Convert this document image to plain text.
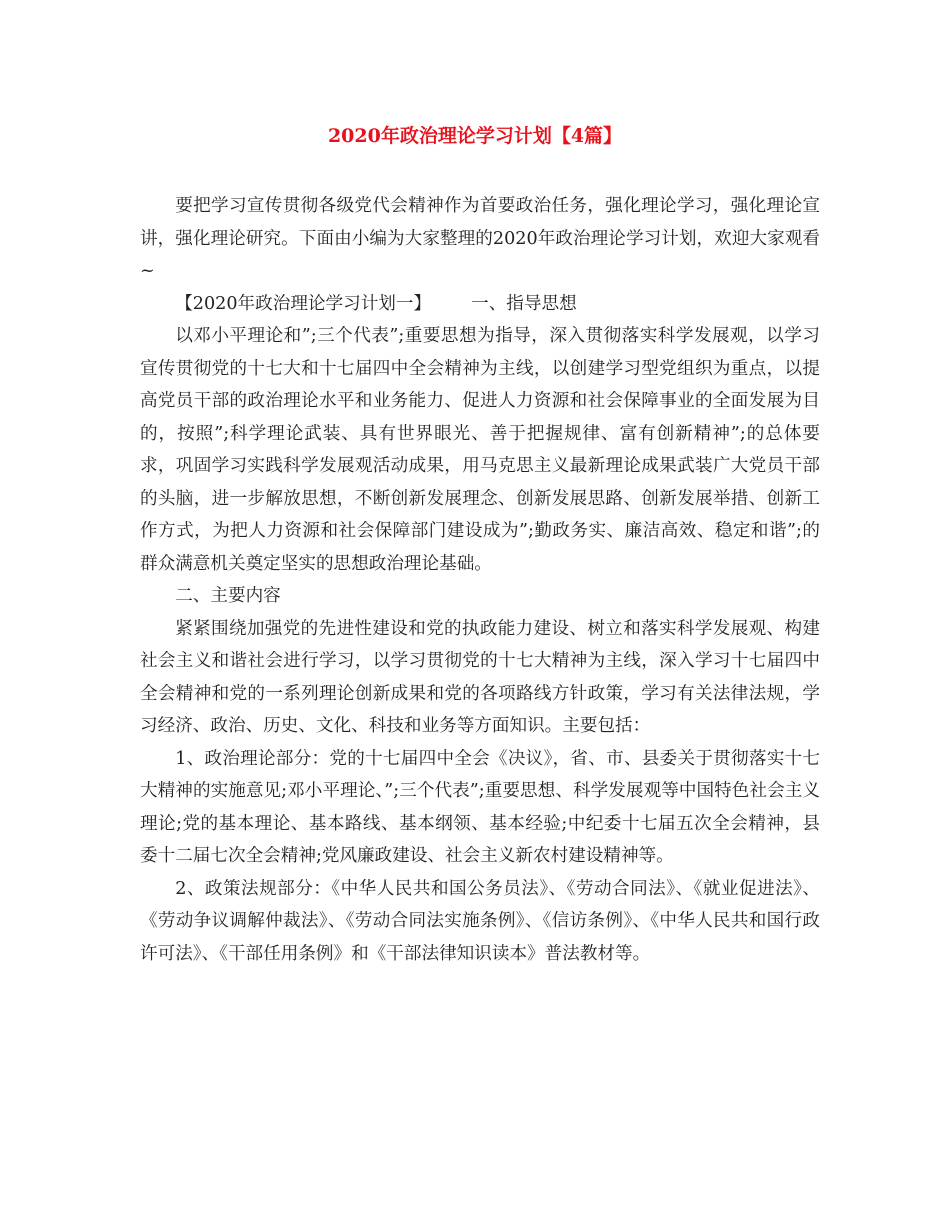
2020年政治理论学习计划【4篇】

要把学习宣传贯彻各级党代会精神作为首要政治任务，强化理论学习，强化理论宣讲，强化理论研究。下面由小编为大家整理的2020年政治理论学习计划，欢迎大家观看~

【2020年政治理论学习计划一】 一、指导思想

以邓小平理论和”;三个代表”;重要思想为指导，深入贯彻落实科学发展观，以学习宣传贯彻党的十七大和十七届四中全会精神为主线，以创建学习型党组织为重点，以提高党员干部的政治理论水平和业务能力、促进人力资源和社会保障事业的全面发展为目的，按照”;科学理论武装、具有世界眼光、善于把握规律、富有创新精神”;的总体要求，巩固学习实践科学发展观活动成果，用马克思主义最新理论成果武装广大党员干部的头脑，进一步解放思想，不断创新发展理念、创新发展思路、创新发展举措、创新工作方式，为把人力资源和社会保障部门建设成为”;勤政务实、廉洁高效、稳定和谐”;的群众满意机关奠定坚实的思想政治理论基础。

二、主要内容

紧紧围绕加强党的先进性建设和党的执政能力建设、树立和落实科学发展观、构建社会主义和谐社会进行学习，以学习贯彻党的十七大精神为主线，深入学习十七届四中全会精神和党的一系列理论创新成果和党的各项路线方针政策，学习有关法律法规，学习经济、政治、历史、文化、科技和业务等方面知识。主要包括：

1、政治理论部分：党的十七届四中全会《决议》，省、市、县委关于贯彻落实十七大精神的实施意见;邓小平理论、”;三个代表”;重要思想、科学发展观等中国特色社会主义理论;党的基本理论、基本路线、基本纲领、基本经验;中纪委十七届五次全会精神，县委十二届七次全会精神;党风廉政建设、社会主义新农村建设精神等。

2、政策法规部分：《中华人民共和国公务员法》、《劳动合同法》、《就业促进法》、《劳动争议调解仲裁法》、《劳动合同法实施条例》、《信访条例》、《中华人民共和国行政许可法》、《干部任用条例》和《干部法律知识读本》普法教材等。
